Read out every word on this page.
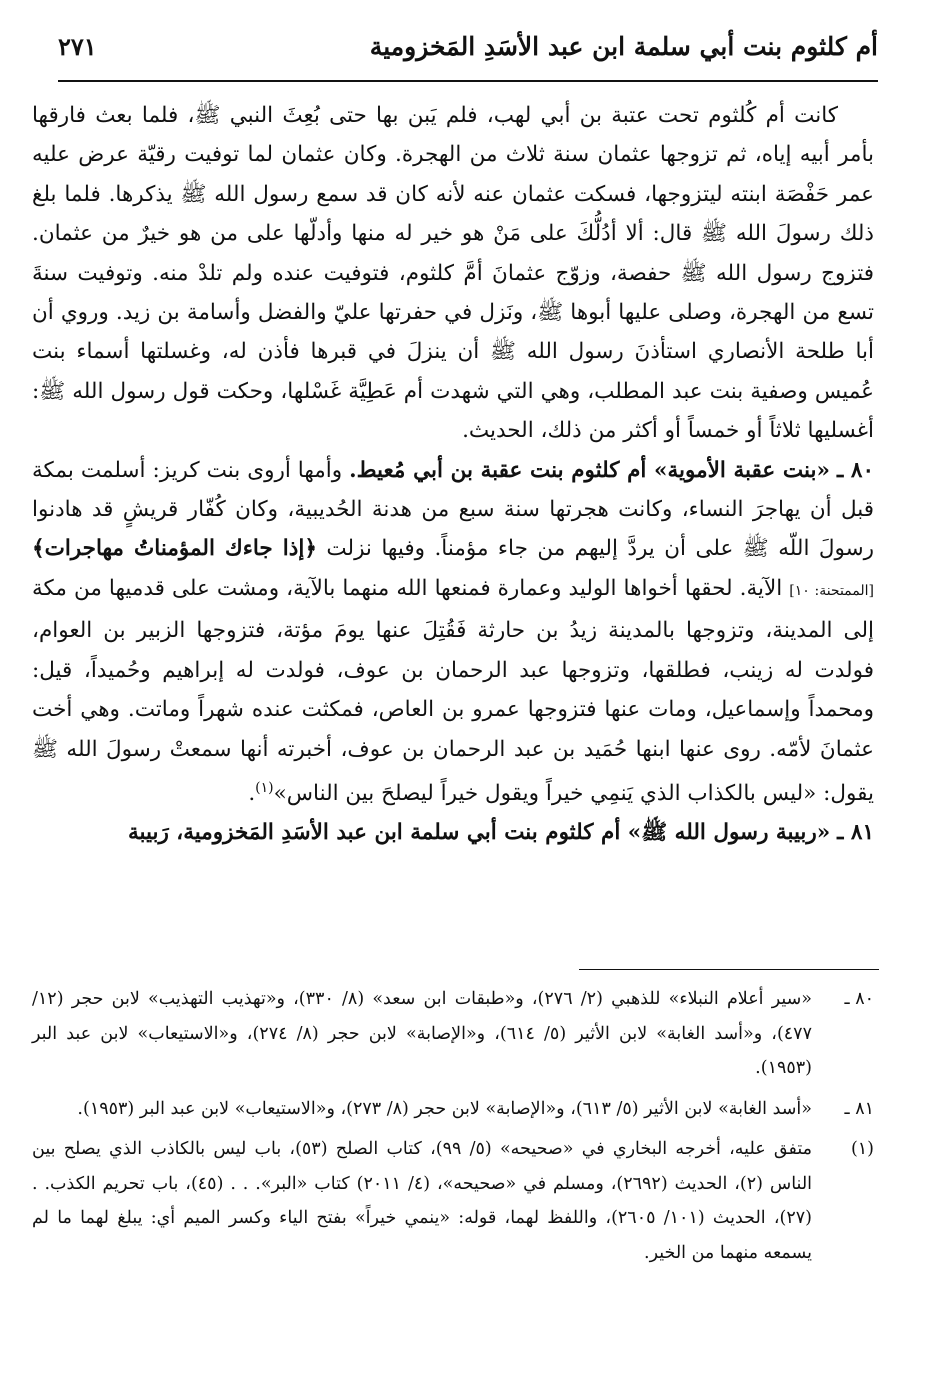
أم كلثوم بنت أبي سلمة ابن عبد الأسَدِ المَخزومية
٢٧١

كانت أم كُلثوم تحت عتبة بن أبي لهب، فلم يَبن بها حتى بُعِثَ النبي ﷺ، فلما بعث فارقها بأمر أبيه إياه، ثم تزوجها عثمان سنة ثلاث من الهجرة. وكان عثمان لما توفيت رقيّة عرض عليه عمر حَفْصَة ابنته ليتزوجها، فسكت عثمان عنه لأنه كان قد سمع رسول الله ﷺ يذكرها. فلما بلغ ذلك رسولَ الله ﷺ قال: ألا أدُلُّكَ على مَنْ هو خير له منها وأدلّها على من هو خيرٌ من عثمان. فتزوج رسول الله ﷺ حفصة، وزوّج عثمانَ أمَّ كلثوم، فتوفيت عنده ولم تلدْ منه. وتوفيت سنةَ تسع من الهجرة، وصلى عليها أبوها ﷺ، ونَزل في حفرتها عليّ والفضل وأسامة بن زيد. وروي أن أبا طلحة الأنصاري استأذنَ رسول الله ﷺ أن ينزلَ في قبرها فأذن له، وغسلتها أسماء بنت عُميس وصفية بنت عبد المطلب، وهي التي شهدت أم عَطِيَّة غَسْلها، وحكت قول رسول الله ﷺ: أغسليها ثلاثاً أو خمساً أو أكثر من ذلك، الحديث.

٨٠ ـ «بنت عقبة الأموية» أم كلثوم بنت عقبة بن أبي مُعيط. وأمها أروى بنت كريز: أسلمت بمكة قبل أن يهاجرَ النساء، وكانت هجرتها سنة سبع من هدنة الحُديبية، وكان كُفّار قريشٍ قد هادنوا رسولَ اللّه ﷺ على أن يردَّ إليهم من جاء مؤمناً. وفيها نزلت ﴿إذا جاءك المؤمناتُ مهاجرات﴾ [الممتحنة: ١٠] الآية. لحقها أخواها الوليد وعمارة فمنعها الله منهما بالآية، ومشت على قدميها من مكة إلى المدينة، وتزوجها بالمدينة زيدُ بن حارثة فَقُتِلَ عنها يومَ مؤتة، فتزوجها الزبير بن العوام، فولدت له زينب، فطلقها، وتزوجها عبد الرحمان بن عوف، فولدت له إبراهيم وحُميداً، قيل: ومحمداً وإسماعيل، ومات عنها فتزوجها عمرو بن العاص، فمكثت عنده شهراً وماتت. وهي أخت عثمانَ لأمّه. روى عنها ابنها حُمَيد بن عبد الرحمان بن عوف، أخبرته أنها سمعتْ رسولَ الله ﷺ يقول: «ليس بالكذاب الذي يَنمِي خيراً ويقول خيراً ليصلحَ بين الناس»$^{(١)}$.

٨١ ـ «ربيبة رسول الله ﷺ» أم كلثوم بنت أبي سلمة ابن عبد الأسَدِ المَخزومية، رَبيبة

٨٠ ـ
«سير أعلام النبلاء» للذهبي (٢/ ٢٧٦)، و«طبقات ابن سعد» (٨/ ٣٣٠)، و«تهذيب التهذيب» لابن حجر (١٢/ ٤٧٧)، و«أسد الغابة» لابن الأثير (٥/ ٦١٤)، و«الإصابة» لابن حجر (٨/ ٢٧٤)، و«الاستيعاب» لابن عبد البر (١٩٥٣).
٨١ ـ
«أسد الغابة» لابن الأثير (٥/ ٦١٣)، و«الإصابة» لابن حجر (٨/ ٢٧٣)، و«الاستيعاب» لابن عبد البر (١٩٥٣).
(١)
متفق عليه، أخرجه البخاري في «صحيحه» (٥/ ٩٩)، كتاب الصلح (٥٣)، باب ليس بالكاذب الذي يصلح بين الناس (٢)، الحديث (٢٦٩٢)، ومسلم في «صحيحه»، (٤/ ٢٠١١) كتاب «البر». . . (٤٥)، باب تحريم الكذب. . (٢٧)، الحديث (١٠١/ ٢٦٠٥)، واللفظ لهما، قوله: «ينمي خيراً» بفتح الياء وكسر الميم أي: يبلغ لهما ما لم يسمعه منهما من الخير.
